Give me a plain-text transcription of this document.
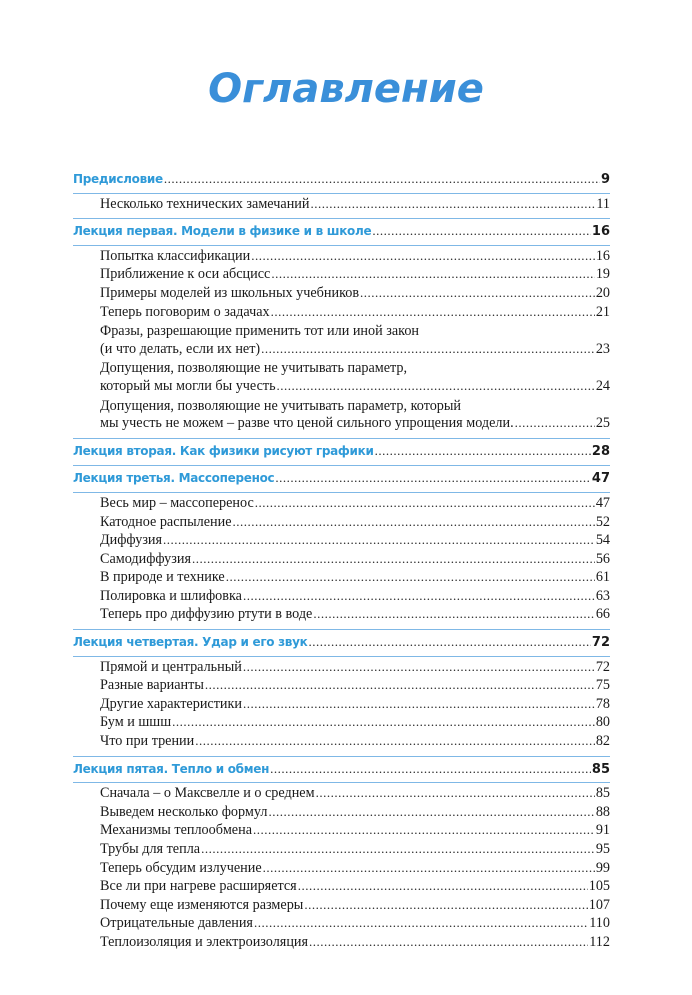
Оглавление
Предисловие .....	9
Несколько технических замечаний .....	11
Лекция первая. Модели в физике и в школе .....	16
Попытка классификации .....	16
Приближение к оси абсцисс .....	19
Примеры моделей из школьных учебников .....	20
Теперь поговорим о задачах .....	21
Фразы, разрешающие применить тот или иной закон
(и что делать, если их нет) .....	23
Допущения, позволяющие не учитывать параметр,
который мы могли бы учесть .....	24
Допущения, позволяющие не учитывать параметр, который
мы учесть не можем – разве что ценой сильного упрощения модели. .....	25
Лекция вторая. Как физики рисуют графики .....	28
Лекция третья. Массоперенос .....	47
Весь мир – массоперенос .....	47
Катодное распыление .....	52
Диффузия .....	54
Самодиффузия .....	56
В природе и технике .....	61
Полировка и шлифовка .....	63
Теперь про диффузию ртути в воде .....	66
Лекция четвертая. Удар и его звук .....	72
Прямой и центральный .....	72
Разные варианты .....	75
Другие характеристики .....	78
Бум и шшш .....	80
Что при трении .....	82
Лекция пятая. Тепло и обмен .....	85
Сначала – о Максвелле и о среднем .....	85
Выведем несколько формул .....	88
Механизмы теплообмена .....	91
Трубы для тепла .....	95
Теперь обсудим излучение .....	99
Все ли при нагреве расширяется .....	105
Почему еще изменяются размеры .....	107
Отрицательные давления .....	110
Теплоизоляция и электроизоляция .....	112
